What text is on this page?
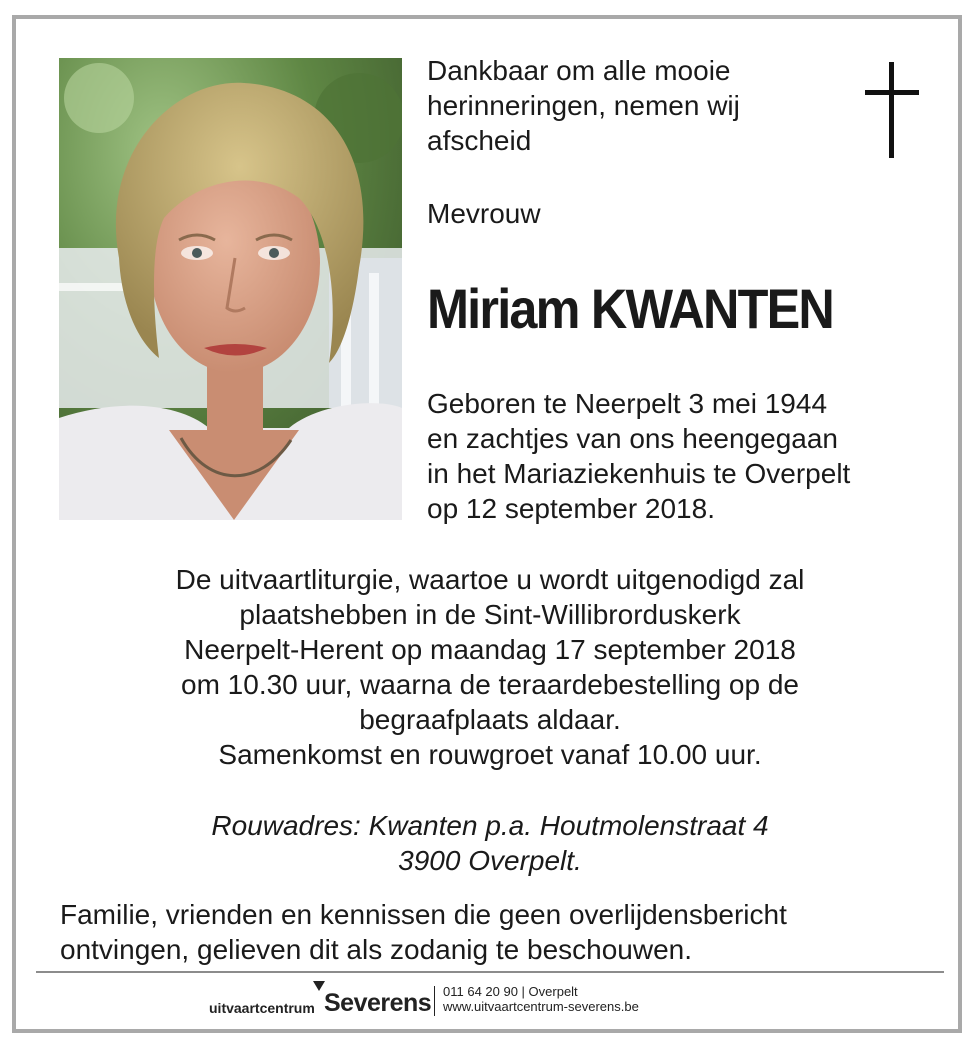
Dankbaar om alle mooie
herinneringen, nemen wij
afscheid
Mevrouw
Miriam KWANTEN
Geboren te Neerpelt 3 mei 1944
en zachtjes van ons heengegaan
in het Mariaziekenhuis te Overpelt
op 12 september 2018.
De uitvaartliturgie, waartoe u wordt uitgenodigd zal
plaatshebben in de Sint-Willibrorduskerk
Neerpelt-Herent op maandag 17 september 2018
om 10.30 uur, waarna de teraardebestelling op de
begraafplaats aldaar.
Samenkomst en rouwgroet vanaf 10.00 uur.
Rouwadres: Kwanten p.a. Houtmolenstraat 4
3900 Overpelt.
Familie, vrienden en kennissen die geen overlijdensbericht
ontvingen, gelieven dit als zodanig te beschouwen.
uitvaartcentrum Severens 011 64 20 90 | Overpelt
www.uitvaartcentrum-severens.be
